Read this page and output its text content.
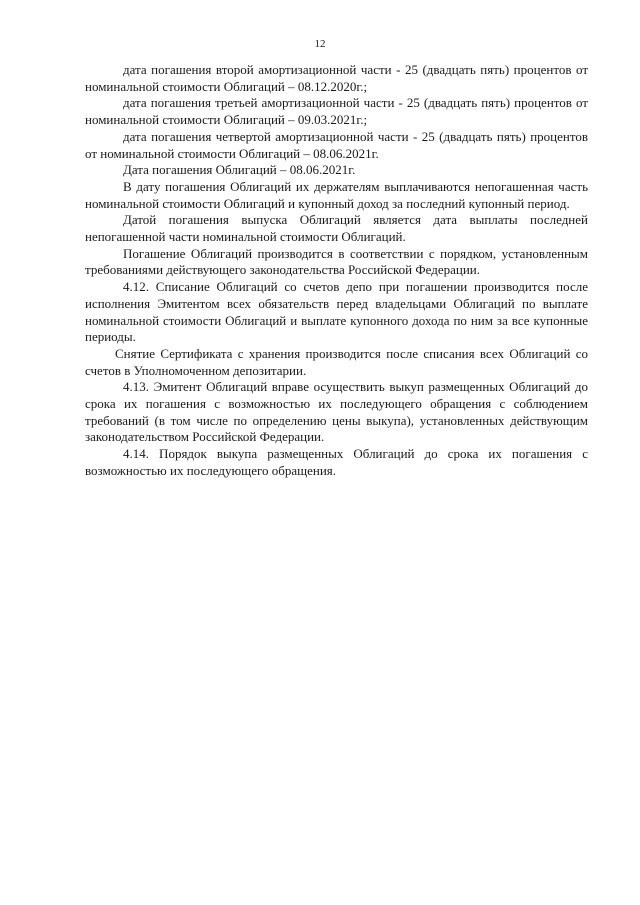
12

дата погашения второй амортизационной части - 25 (двадцать пять) процентов от номинальной стоимости Облигаций – 08.12.2020г.;

дата погашения третьей амортизационной части - 25 (двадцать пять) процентов от номинальной стоимости Облигаций – 09.03.2021г.;

дата погашения четвертой амортизационной части - 25 (двадцать пять) процентов от номинальной стоимости Облигаций – 08.06.2021г.

Дата погашения Облигаций – 08.06.2021г.

В дату погашения Облигаций их держателям выплачиваются непогашенная часть номинальной стоимости Облигаций и купонный доход за последний купонный период.

Датой погашения выпуска Облигаций является дата выплаты последней непогашенной части номинальной стоимости Облигаций.

Погашение Облигаций производится в соответствии с порядком, установленным требованиями действующего законодательства Российской Федерации.

4.12. Списание Облигаций со счетов депо при погашении производится после исполнения Эмитентом всех обязательств перед владельцами Облигаций по выплате номинальной стоимости Облигаций и выплате купонного дохода по ним за все купонные периоды.

Снятие Сертификата с хранения производится после списания всех Облигаций со счетов в Уполномоченном депозитарии.

4.13. Эмитент Облигаций вправе осуществить выкуп размещенных Облигаций до срока их погашения с возможностью их последующего обращения с соблюдением требований (в том числе по определению цены выкупа), установленных действующим законодательством Российской Федерации.

4.14. Порядок выкупа размещенных Облигаций до срока их погашения с возможностью их последующего обращения.
